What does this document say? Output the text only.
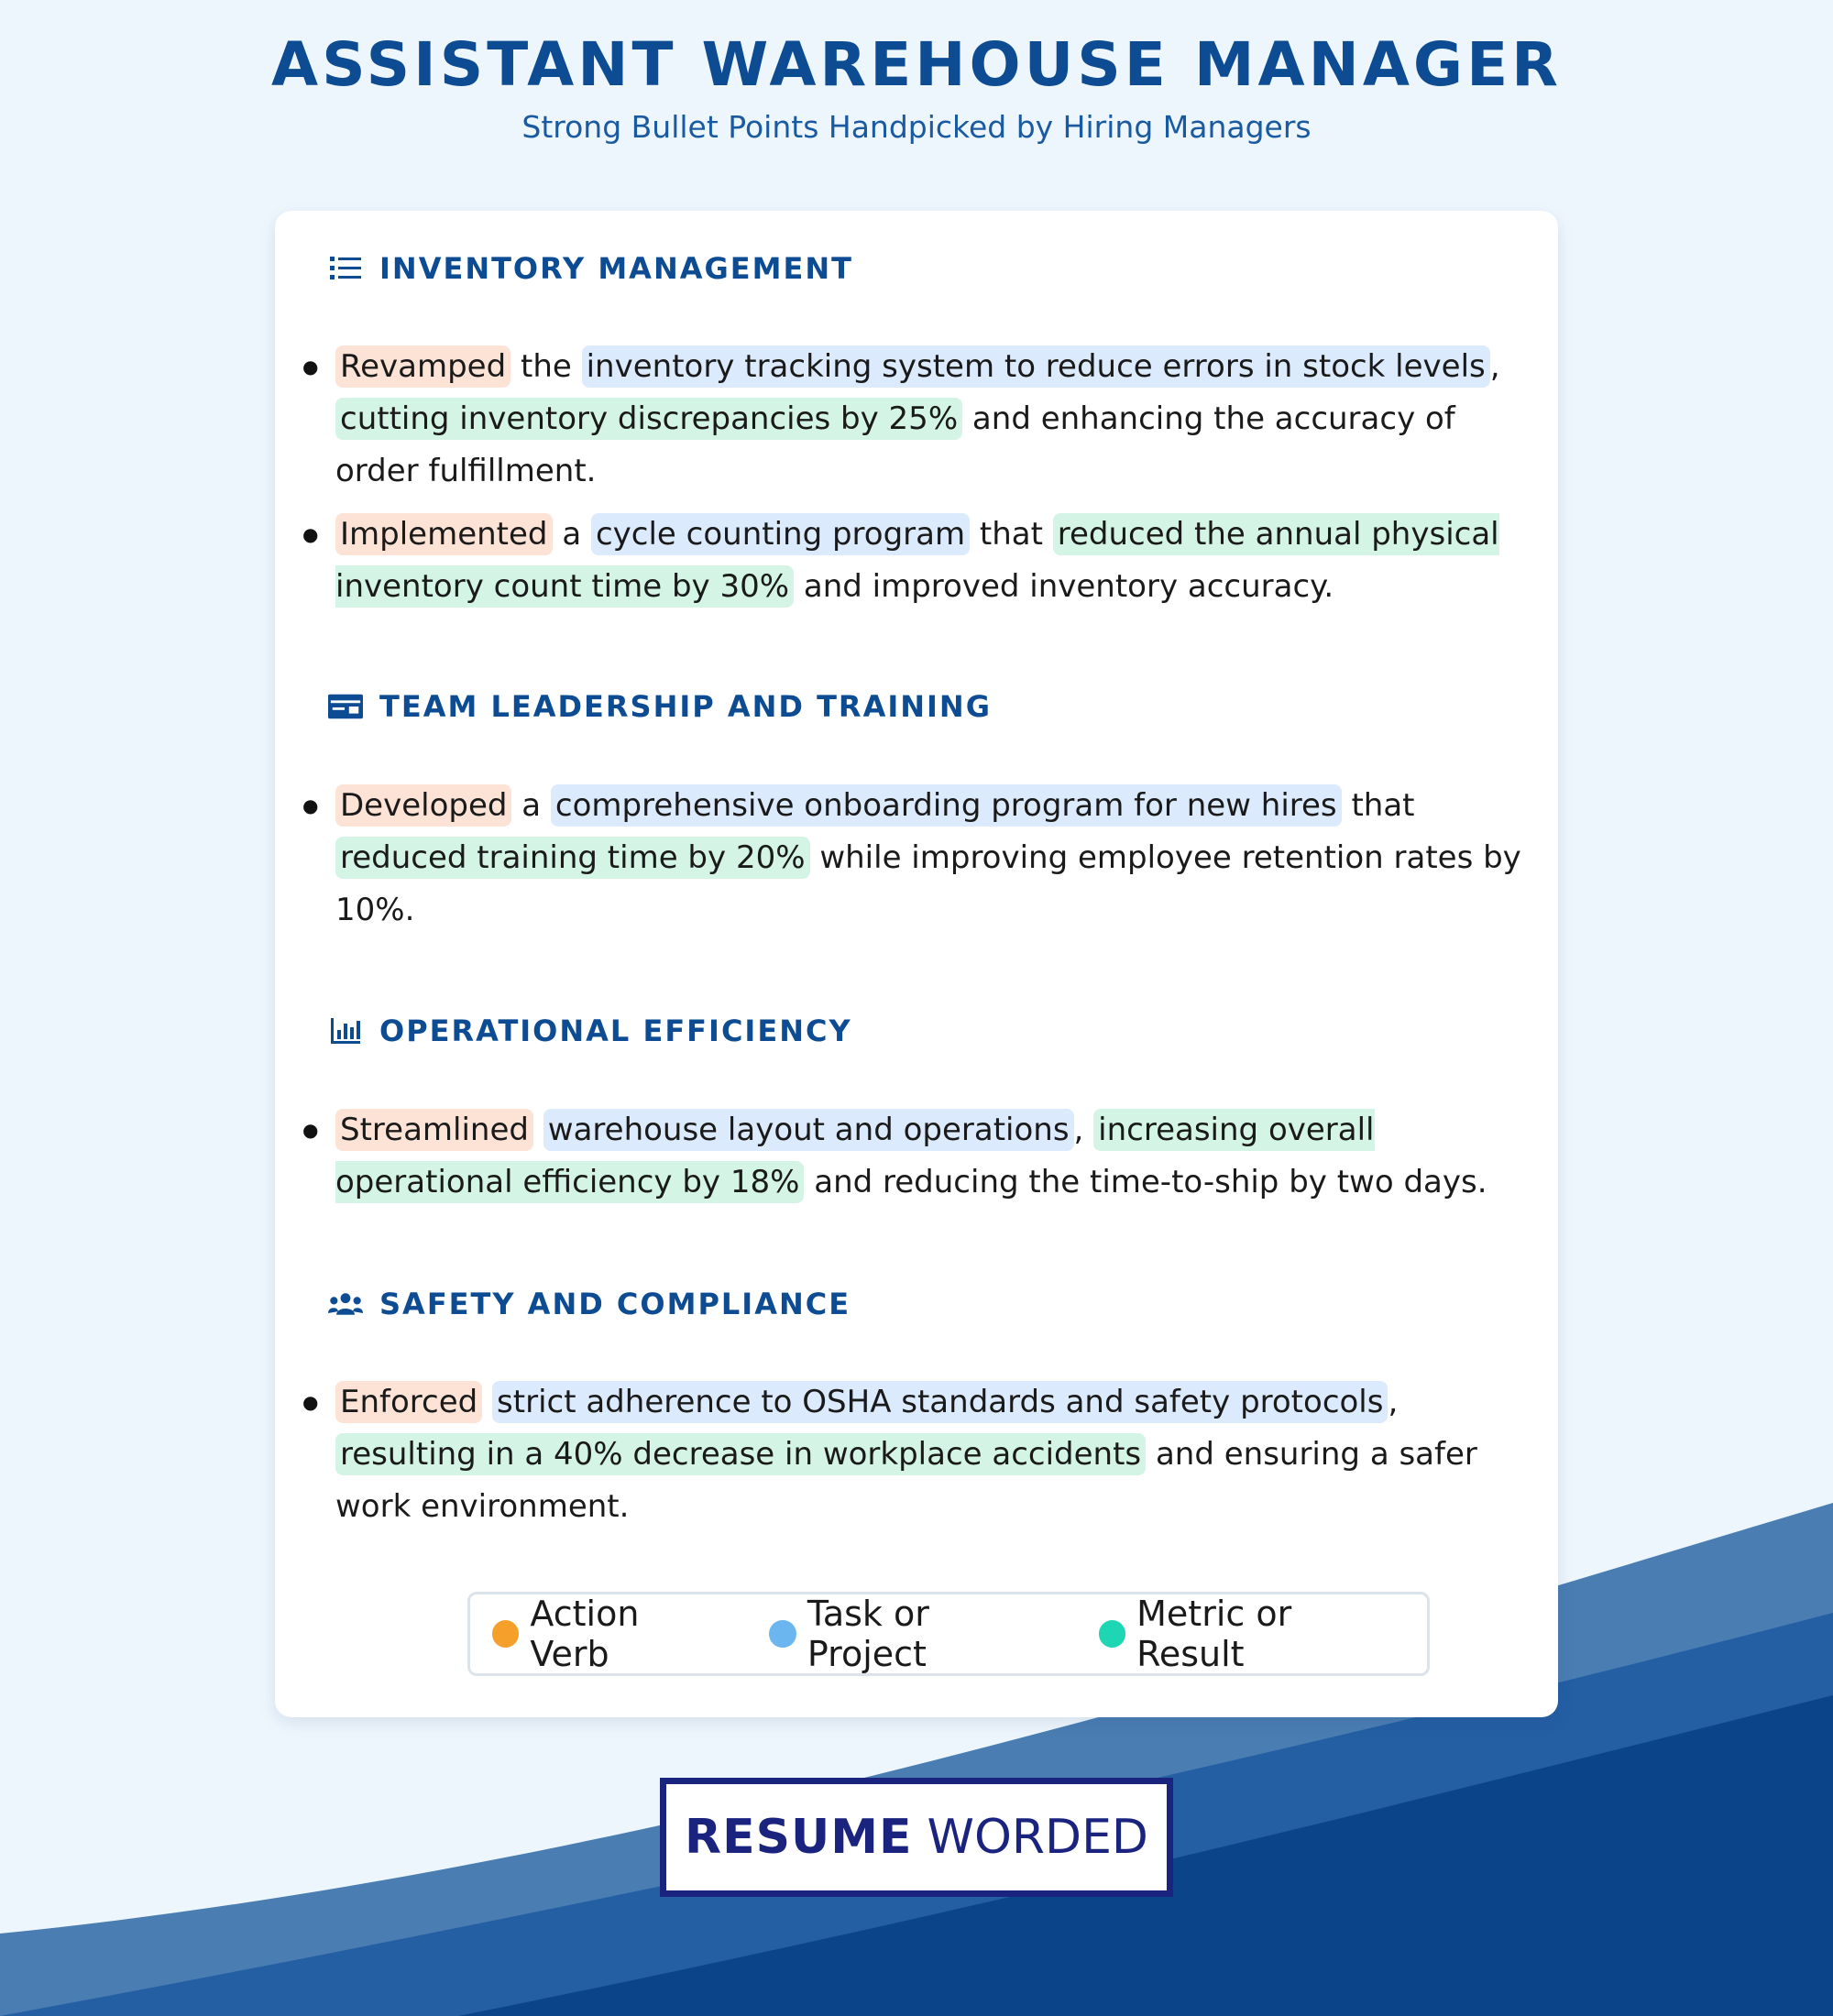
ASSISTANT WAREHOUSE MANAGER
Strong Bullet Points Handpicked by Hiring Managers
INVENTORY MANAGEMENT
● Revamped the inventory tracking system to reduce errors in stock levels , cutting inventory discrepancies by 25% and enhancing the accuracy of order fulfillment.
● Implemented a cycle counting program that reduced the annual physical inventory count time by 30% and improved inventory accuracy.
TEAM LEADERSHIP AND TRAINING
● Developed a comprehensive onboarding program for new hires that reduced training time by 20% while improving employee retention rates by 10%.
OPERATIONAL EFFICIENCY
● Streamlined warehouse layout and operations , increasing overall operational efficiency by 18% and reducing the time-to-ship by two days.
SAFETY AND COMPLIANCE
● Enforced strict adherence to OSHA standards and safety protocols , resulting in a 40% decrease in workplace accidents and ensuring a safer work environment.
Action Verb
Task or Project
Metric or Result
RESUME WORDED
